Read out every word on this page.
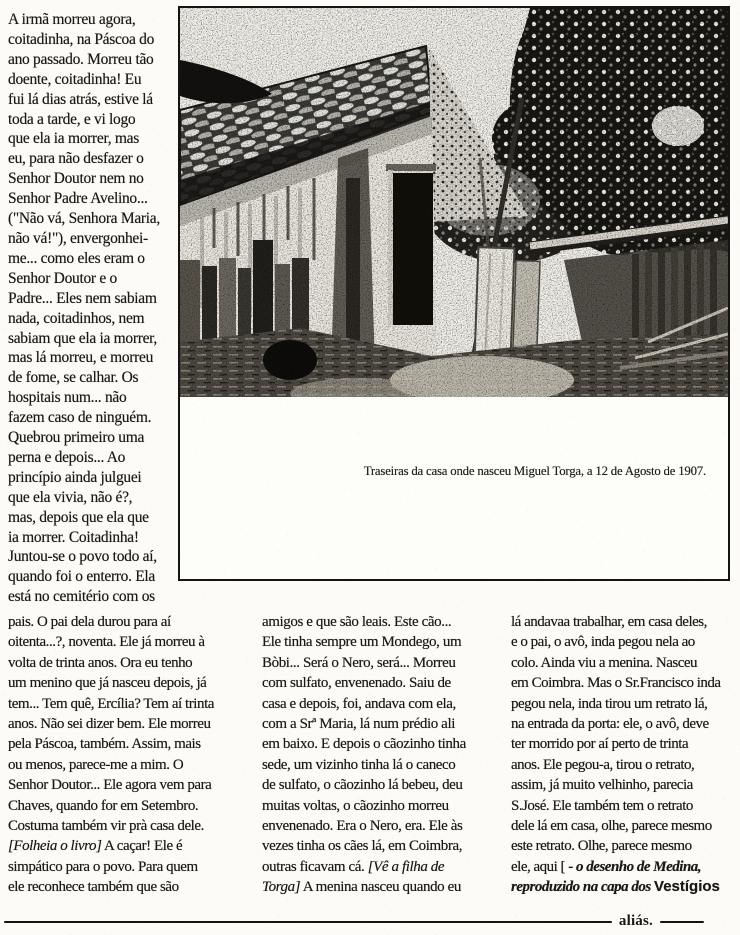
A irmã morreu agora,
coitadinha, na Páscoa do
ano passado. Morreu tão
doente, coitadinha! Eu
fui lá dias atrás, estive lá
toda a tarde, e vi logo
que ela ia morrer, mas
eu, para não desfazer o
Senhor Doutor nem no
Senhor Padre Avelino...
("Não vá, Senhora Maria,
não vá!"), envergonhei-
me... como eles eram o
Senhor Doutor e o
Padre... Eles nem sabiam
nada, coitadinhos, nem
sabiam que ela ia morrer,
mas lá morreu, e morreu
de fome, se calhar. Os
hospitais num... não
fazem caso de ninguém.
Quebrou primeiro uma
perna e depois... Ao
princípio ainda julguei
que ela vivia, não é?,
mas, depois que ela que
ia morrer. Coitadinha!
Juntou-se o povo todo aí,
quando foi o enterro. Ela
está no cemitério com os
Traseiras da casa onde nasceu Miguel Torga, a 12 de Agosto de 1907.
pais. O pai dela durou para aí
oitenta...?, noventa. Ele já morreu à
volta de trinta anos. Ora eu tenho
um menino que já nasceu depois, já
tem... Tem quê, Ercília? Tem aí trinta
anos. Não sei dizer bem. Ele morreu
pela Páscoa, também. Assim, mais
ou menos, parece-me a mim. O
Senhor Doutor... Ele agora vem para
Chaves, quando for em Setembro.
Costuma também vir prà casa dele.
[Folheia o livro] A caçar! Ele é
simpático para o povo. Para quem
ele reconhece também que são
amigos e que são leais. Este cão...
Ele tinha sempre um Mondego, um
Bòbi... Será o Nero, será... Morreu
com sulfato, envenenado. Saiu de
casa e depois, foi, andava com ela,
com a Srª Maria, lá num prédio ali
em baixo. E depois o cãozinho tinha
sede, um vizinho tinha lá o caneco
de sulfato, o cãozinho lá bebeu, deu
muitas voltas, o cãozinho morreu
envenenado. Era o Nero, era. Ele às
vezes tinha os cães lá, em Coimbra,
outras ficavam cá. [Vê a filha de
Torga] A menina nasceu quando eu
lá andavaa trabalhar, em casa deles,
e o pai, o avô, inda pegou nela ao
colo. Ainda viu a menina. Nasceu
em Coimbra. Mas o Sr.Francisco inda
pegou nela, inda tirou um retrato lá,
na entrada da porta: ele, o avô, deve
ter morrido por aí perto de trinta
anos. Ele pegou-a, tirou o retrato,
assim, já muito velhinho, parecia
S.José. Ele também tem o retrato
dele lá em casa, olhe, parece mesmo
este retrato. Olhe, parece mesmo
ele, aqui [ - o desenho de Medina,
reproduzido na capa dos Vestígios
aliás.
